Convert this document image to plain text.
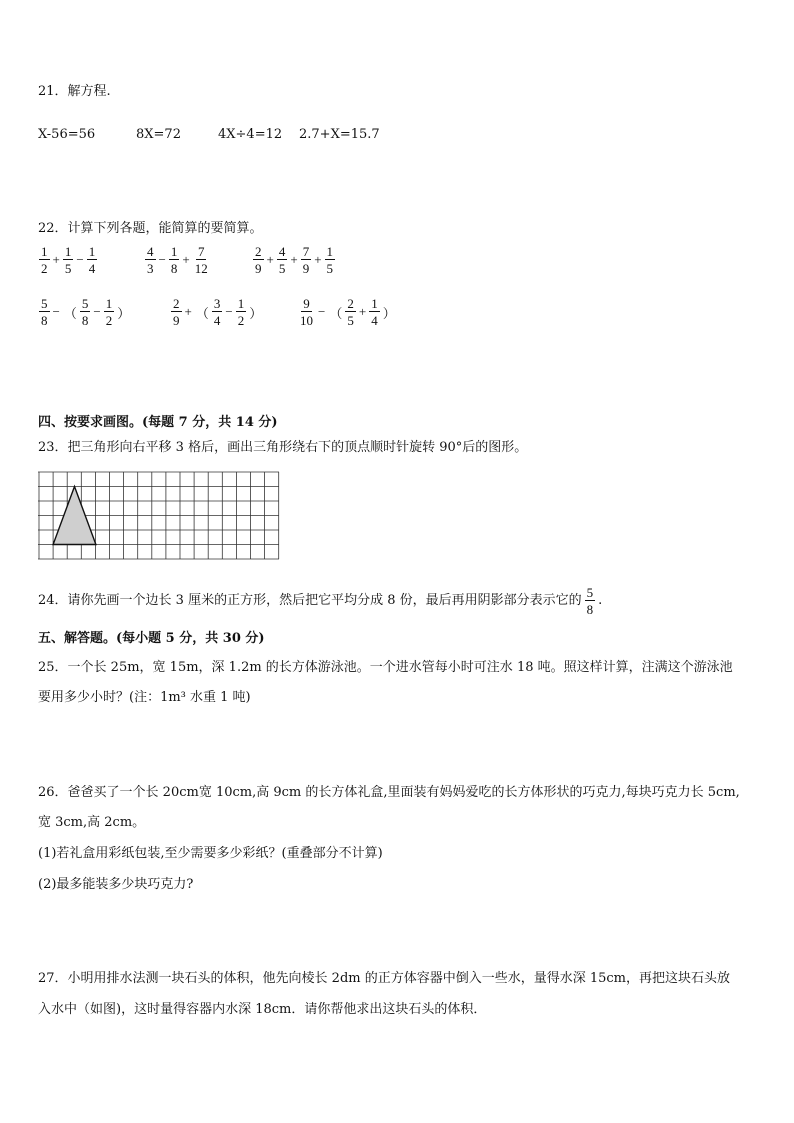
21．解方程.
X-56=56	8X=72	4X÷4=12 2.7+X=15.7
22．计算下列各题，能简算的要简算。
$\frac{1}{2} + \frac{1}{5} - \frac{1}{4}$	$\frac{4}{3} - \frac{1}{8} + \frac{7}{12}$	$\frac{2}{9} + \frac{4}{5} + \frac{7}{9} + \frac{1}{5}$
$\frac{5}{8}$ − （ $\frac{5}{8} - \frac{1}{2}$ ）	$\frac{2}{9}$ + （ $\frac{3}{4} - \frac{1}{2}$ ）	$\frac{9}{10}$ − （ $\frac{2}{5} + \frac{1}{4}$ ）
四、按要求画图。(每题 7 分，共 14 分)
23．把三角形向右平移 3 格后，画出三角形绕右下的顶点顺时针旋转 90°后的图形。
24．请你先画一个边长 3 厘米的正方形，然后把它平均分成 8 份，最后再用阴影部分表示它的 $\frac{5}{8}$ .
五、解答题。(每小题 5 分，共 30 分)
25．一个长 25m，宽 15m，深 1.2m 的长方体游泳池。一个进水管每小时可注水 18 吨。照这样计算，注满这个游泳池
要用多少小时？(注：1m³ 水重 1 吨)
26．爸爸买了一个长 20cm宽 10cm,高 9cm 的长方体礼盒,里面装有妈妈爱吃的长方体形状的巧克力,每块巧克力长 5cm,
宽 3cm,高 2cm。
(1)若礼盒用彩纸包装,至少需要多少彩纸？(重叠部分不计算)
(2)最多能装多少块巧克力?
27．小明用排水法测一块石头的体积，他先向棱长 2dm 的正方体容器中倒入一些水，量得水深 15cm，再把这块石头放
入水中（如图)，这时量得容器内水深 18cm．请你帮他求出这块石头的体积．
